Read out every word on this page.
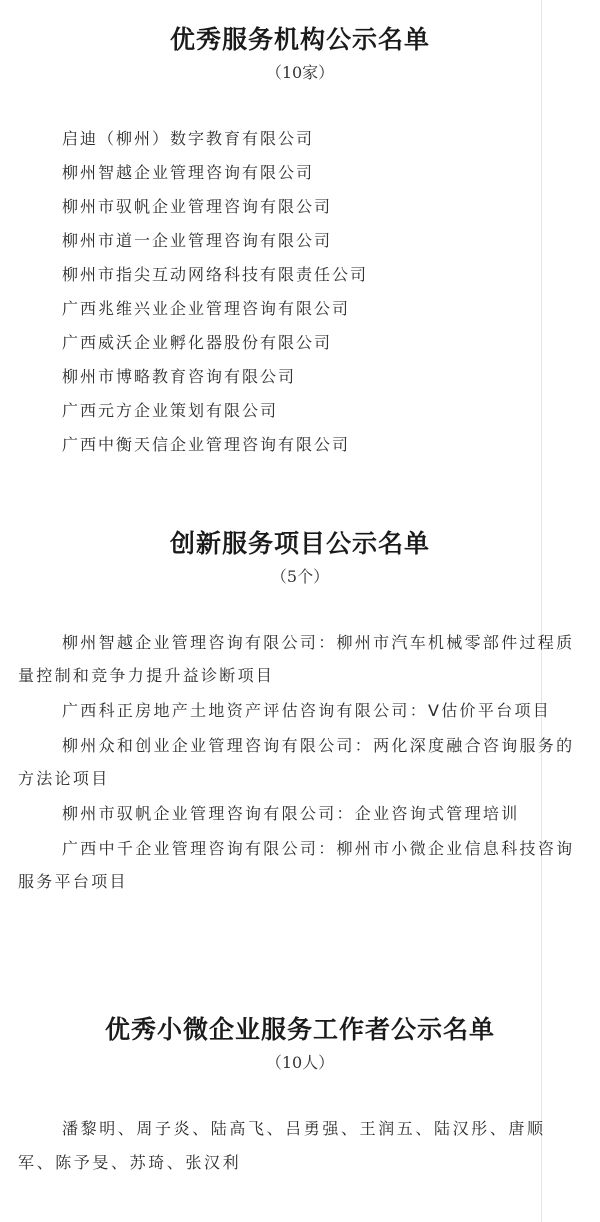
优秀服务机构公示名单
（10家）
启迪（柳州）数字教育有限公司
柳州智越企业管理咨询有限公司
柳州市驭帆企业管理咨询有限公司
柳州市道一企业管理咨询有限公司
柳州市指尖互动网络科技有限责任公司
广西兆维兴业企业管理咨询有限公司
广西威沃企业孵化器股份有限公司
柳州市博略教育咨询有限公司
广西元方企业策划有限公司
广西中衡天信企业管理咨询有限公司
创新服务项目公示名单
（5个）

柳州智越企业管理咨询有限公司：柳州市汽车机械零部件过程质量控制和竞争力提升益诊断项目

广西科正房地产土地资产评估咨询有限公司：V估价平台项目

柳州众和创业企业管理咨询有限公司：两化深度融合咨询服务的方法论项目

柳州市驭帆企业管理咨询有限公司：企业咨询式管理培训

广西中千企业管理咨询有限公司：柳州市小微企业信息科技咨询服务平台项目

优秀小微企业服务工作者公示名单
（10人）

潘黎明、周子炎、陆高飞、吕勇强、王润五、陆汉彤、唐顺军、陈予旻、苏琦、张汉利
